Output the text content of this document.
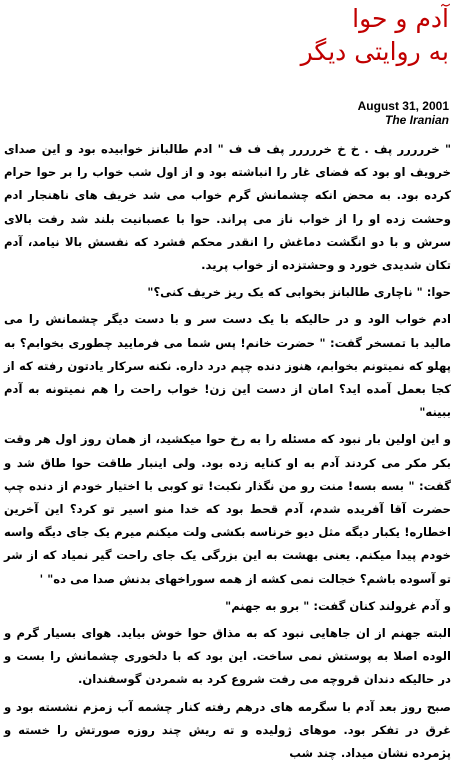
آدم و حوا
به روایتی دیگر
August 31, 2001
The Iranian

" خررررر پف . خ خ خررررر پف ف ف " ادم طالبانز خوابیده بود و این صدای خرویف او بود که فضای غار را انباشته بود و از اول شب خواب را بر حوا حرام کرده بود. به محض انکه چشمانش گرم خواب می شد خریف های ناهنجار ادم وحشت زده او را از خواب ناز می پراند. حوا با عصبانیت بلند شد رفت بالای سرش و با دو انگشت دماغش را انقدر محکم فشرد که نفسش بالا نیامد، آدم تکان شدیدی خورد و وحشتزده از خواب پرید.

حوا: " ناچاری طالبانز بخوابی که یک ریز خریف کنی؟"

ادم خواب الود و در حالیکه با یک دست سر و با دست دیگر چشمانش را می مالید با تمسخر گفت: " حضرت خانم! پس شما می فرمایید چطوری بخوابم؟ به پهلو که نمیتونم بخوابم، هنوز دنده چپم درد داره. نکنه سرکار یادتون رفته که از کجا بعمل آمده اید؟ امان از دست این زن! خواب راحت را هم نمیتونه به آدم ببینه"

و این اولین بار نبود که مسئله را به رخ حوا میکشید، از همان روز اول هر وقت بکر مکر می کردند آدم به او کنایه زده بود. ولی اینبار طاقت حوا طاق شد و گفت: " بسه بسه! منت رو من نگذار نکبت! تو کوبی با اختیار خودم از دنده چپ حضرت آقا آفریده شدم، آدم قحط بود که خدا منو اسیر تو کرد؟ این آخرین اخطاره! یکبار دیگه مثل دیو خرناسه بکشی ولت میکنم میرم یک جای دیگه واسه خودم پیدا میکنم. یعنی بهشت به این بزرگی یک جای راحت گیر نمیاد که از شر تو آسوده باشم؟ خجالت نمی کشه از همه سوراخهای بدنش صدا می ده" '

و آدم غرولند کنان گفت: " برو به جهنم"

البته جهنم از ان جاهایی نبود که به مذاق حوا خوش بیاید. هوای بسیار گرم و الوده اصلا به پوستش نمی ساخت. این بود که با دلخوری چشمانش را بست و در حالیکه دندان قروچه می رفت شروع کرد به شمردن گوسفندان.

صبح روز بعد آدم با سگرمه های درهم رفته کنار چشمه آب زمزم نشسته بود و غرق در تفکر بود. موهای ژولیده و ته ریش چند روزه صورتش را خسته و پژمرده نشان میداد. چند شب
